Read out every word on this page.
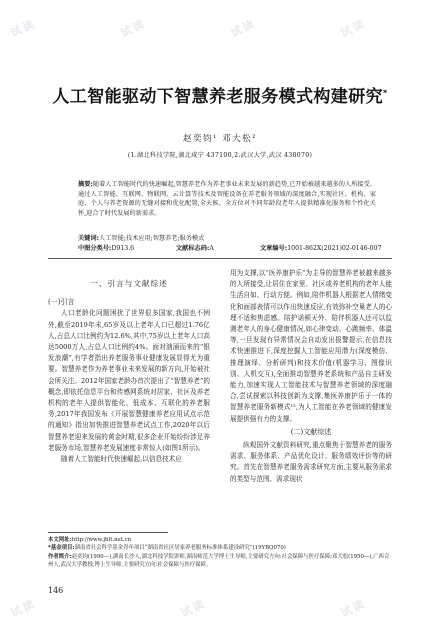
人工智能驱动下智慧养老服务模式构建研究*
赵奕钧¹ 邓大松²
(1.湖北科技学院,湖北咸宁 437100,2.武汉大学,武汉 430070)
摘要:随着人工智能时代的快速崛起,智慧养老作为养老事业未来发展的新趋势,已开始被越来越多的人所接受。通过人工智能、互联网、物联网、云计算等技术及智能设备在养老服务领域的深度融合,实现社区、机构、家庭、个人与养老资源的无缝对接和优化配置,全天候、全方位对不同年龄段老年人提供精准化服务和个性化关怀,迎合了时代发展的新需求。
关键词:人工智能;技术应用;智慧养老;服务模式
中图分类号:D913.6	文献标志码:A	文章编号:1001-862X(2021)02-0146-007
一、引言与文献综述

(一)引言

人口老龄化问题困扰了世界很多国家,我国也不例外,截至2019年末,65岁及以上老年人口已超过1.76亿人,占总人口比例约为12.6%,其中,75岁以上老年人口高达5000万人,占总人口比例约4%。面对汹涌而来的“银发浪潮”,有学者指出养老服务事业健康发展显得尤为重要。智慧养老作为养老事业未来发展的新方向,开始被社会所关注。2012年国家老龄办首次提出了“智慧养老”的概念,即依托信息平台和传感网系统对居家、社区及养老机构的老年人提供智能化、低成本、互联化的养老服务,2017年我国发布《开展智慧健康养老应用试点示范的通知》指出加快推进智慧养老试点工作,2020年以后智慧养老迎来发展的黄金时期,很多企业开始纷纷涉足养老服务市场,智慧养老发展速度非常惊人(如图1所示)。

随着人工智能时代快速崛起,以信息技术应

用为支撑,以“医养康护乐”为主导的智慧养老被越来越多的人所接受,让居住在家里、社区或养老机构的老年人能生活自如、行动方便。例如,陪伴机器人根据老人情绪变化和面部表情可以作出快速反应,有效弥补空巢老人的心理不适和焦虑感。陪护诺顿天外、陪伴机器人还可以监测老年人的身心健康情况,如心律变动、心跳频率、体温等,一旦发现有异常情况会自动发出报警提示,在信息技术快速推进下,深度挖掘人工智能应用潜力(深度模仿、推理演绎、分析研判)和技术价值(机器学习、图像识别、人机交互),全面推动智慧养老系统和产品自主研发能力,加速实现人工智能技术与智慧养老领域的深度融合,尝试探索以科技创新为支撑,集医养康护乐于一体的智慧养老服务新模式¹²,为人工智能在养老领域的健康发展提供强有力的支撑。

(二)文献综述

纵观国外文献资料研究,重点聚焦于智慧养老的服务需求、服务体系、产品优化设计、服务绩效评价等的研究。首先在智慧养老服务需求研究方面,主要从服务需求的类型与范围、需求现状

本文网址:http://www.jhlt.net.cn
*基金项目:湖南省社会科学基金青年项目“湖南省社区居家养老服务标准体系建设研究”(19YBQ070)
作者简介:赵奕钧(1990—),湖南长沙人,湖北科技学院讲师,湖南师范大学博士生导师,主要研究方向:社会保障与医疗保障;邓大松(1950—),广西合州人,武汉大学教授,博士生导师,主要研究方向:社会保障与医疗保障。
146
试读	试读	试读	试读
试读	试读	试读
